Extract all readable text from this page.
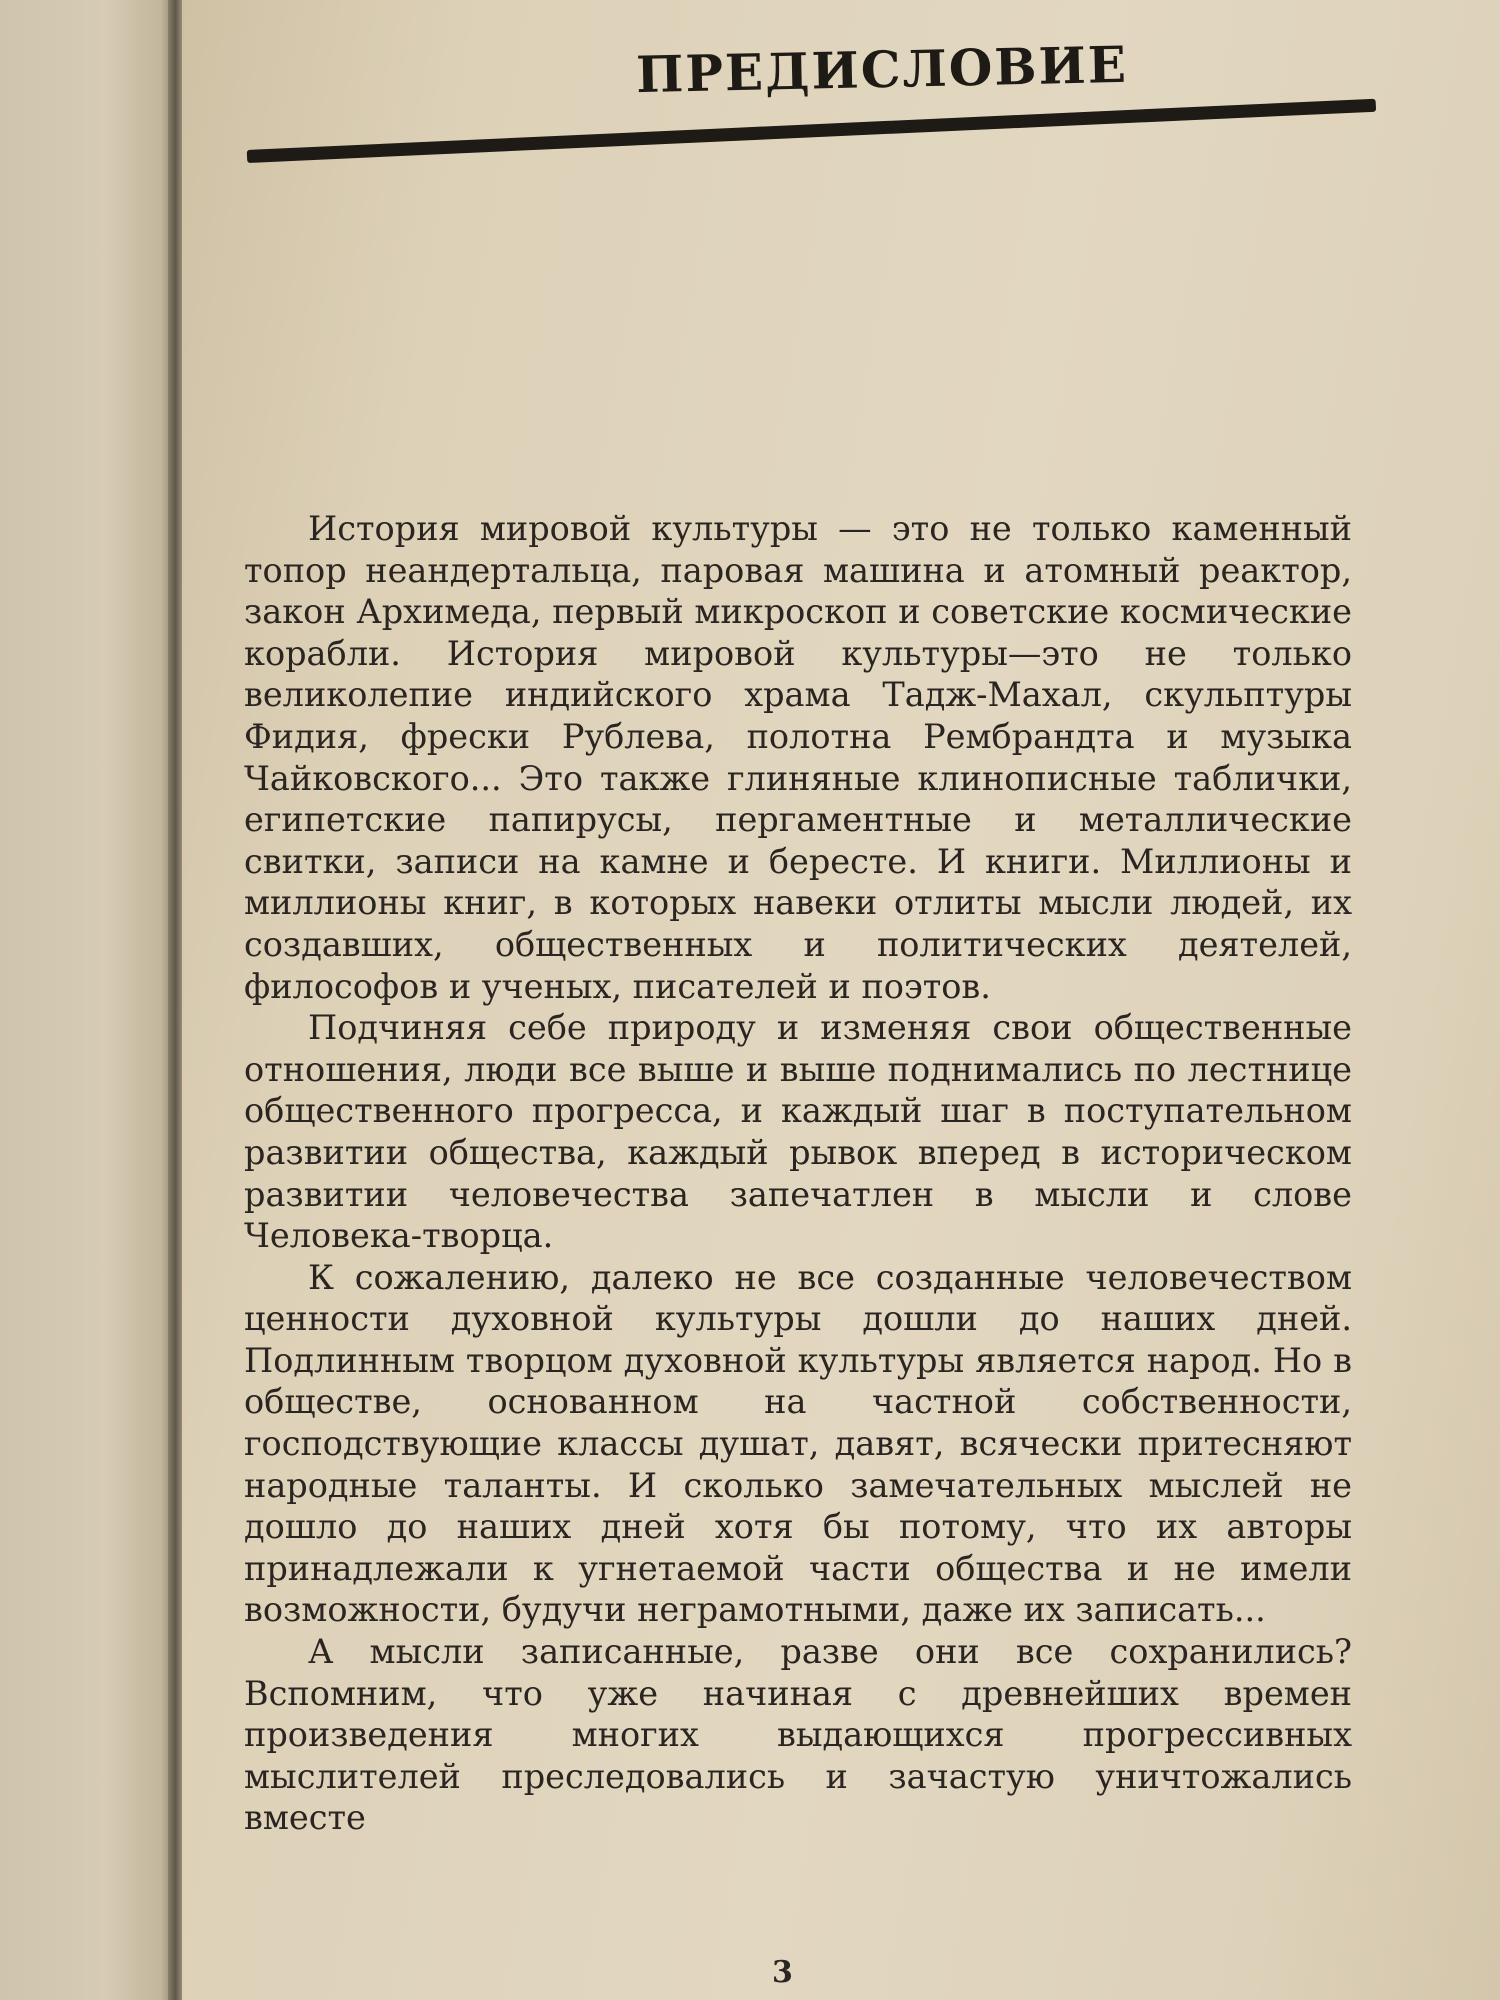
ПРЕДИСЛОВИЕ

История мировой культуры — это не только каменный топор неандертальца, паровая машина и атомный реактор, закон Архимеда, первый микроскоп и советские космические корабли. История мировой культуры—это не только великолепие индийского храма Тадж-Махал, скульптуры Фидия, фрески Рублева, полотна Рембрандта и музыка Чайковского... Это также глиняные клинописные таблички, египетские папирусы, пергаментные и металлические свитки, записи на камне и бересте. И книги. Миллионы и миллионы книг, в которых навеки отлиты мысли людей, их создавших, общественных и политических деятелей, философов и ученых, писателей и поэтов.

Подчиняя себе природу и изменяя свои общественные отношения, люди все выше и выше поднимались по лестнице общественного прогресса, и каждый шаг в поступательном развитии общества, каждый рывок вперед в историческом развитии человечества запечатлен в мысли и слове Человека-творца.

К сожалению, далеко не все созданные человечеством ценности духовной культуры дошли до наших дней. Подлинным творцом духовной культуры является народ. Но в обществе, основанном на частной собственности, господствующие классы душат, давят, всячески притесняют народные таланты. И сколько замечательных мыслей не дошло до наших дней хотя бы потому, что их авторы принадлежали к угнетаемой части общества и не имели возможности, будучи неграмотными, даже их записать...

А мысли записанные, разве они все сохранились? Вспомним, что уже начиная с древнейших времен произведения многих выдающихся прогрессивных мыслителей преследовались и зачастую уничтожались вместе

3
